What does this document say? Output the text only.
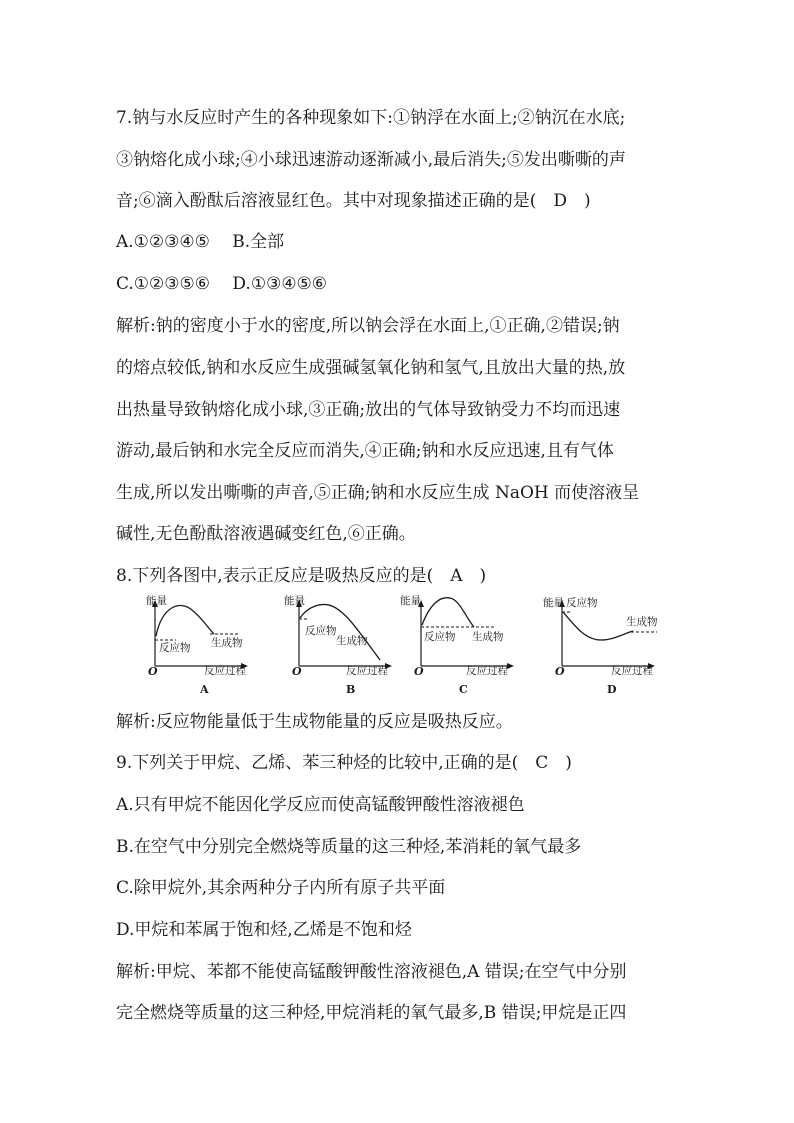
7.钠与水反应时产生的各种现象如下:①钠浮在水面上;②钠沉在水底;
③钠熔化成小球;④小球迅速游动逐渐减小,最后消失;⑤发出嘶嘶的声
音;⑥滴入酚酞后溶液显红色。其中对现象描述正确的是(　D　)
A.①②③④⑤　 B.全部
C.①②③⑤⑥　 D.①③④⑤⑥
解析:钠的密度小于水的密度,所以钠会浮在水面上,①正确,②错误;钠
的熔点较低,钠和水反应生成强碱氢氧化钠和氢气,且放出大量的热,放
出热量导致钠熔化成小球,③正确;放出的气体导致钠受力不均而迅速
游动,最后钠和水完全反应而消失,④正确;钠和水反应迅速,且有气体
生成,所以发出嘶嘶的声音,⑤正确;钠和水反应生成 NaOH 而使溶液呈
碱性,无色酚酞溶液遇碱变红色,⑥正确。
8.下列各图中,表示正反应是吸热反应的是(　A　)
能量
O	反应过程
反应物 生成物
A
能量
O	反应过程
反应物
生成物
B
能量
O	反应过程
反应物 生成物
C
能量 反应物
O	反应过程
生成物
D
解析:反应物能量低于生成物能量的反应是吸热反应。
9.下列关于甲烷、乙烯、苯三种烃的比较中,正确的是(　C　)
A.只有甲烷不能因化学反应而使高锰酸钾酸性溶液褪色
B.在空气中分别完全燃烧等质量的这三种烃,苯消耗的氧气最多
C.除甲烷外,其余两种分子内所有原子共平面
D.甲烷和苯属于饱和烃,乙烯是不饱和烃
解析:甲烷、苯都不能使高锰酸钾酸性溶液褪色,A 错误;在空气中分别
完全燃烧等质量的这三种烃,甲烷消耗的氧气最多,B 错误;甲烷是正四
